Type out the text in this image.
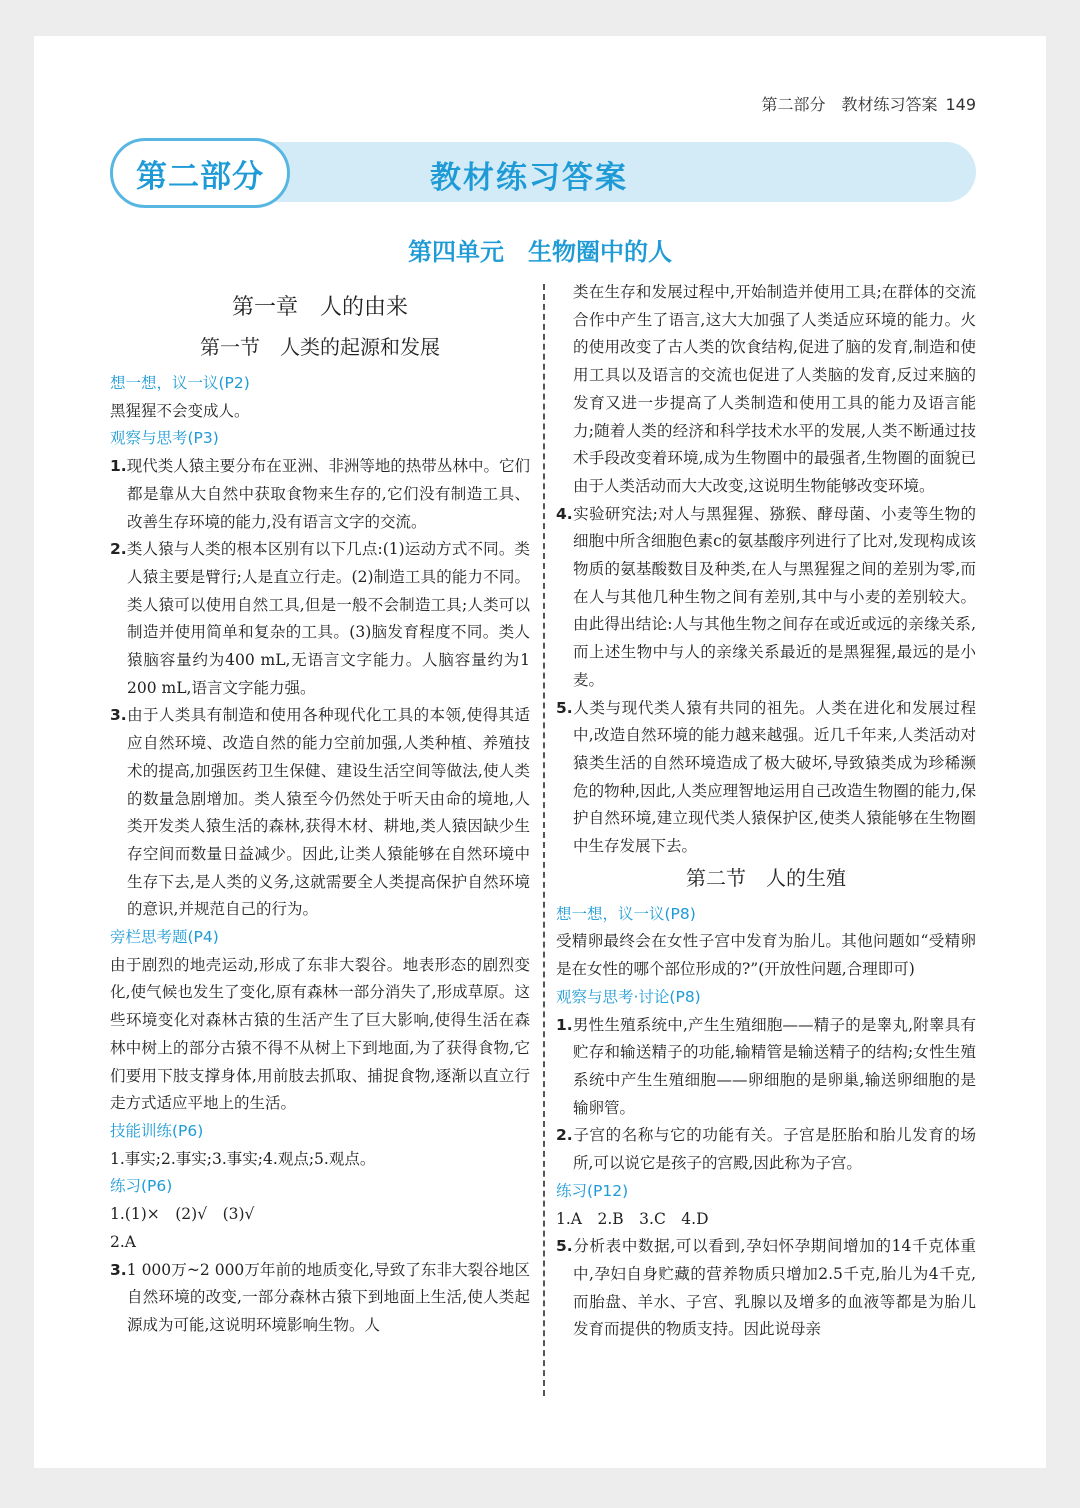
第二部分　教材练习答案 149
第二部分	教材练习答案
第四单元　生物圈中的人
第一章　人的由来
第一节　人类的起源和发展

想一想，议一议(P2)

黑猩猩不会变成人。

观察与思考(P3)

1.现代类人猿主要分布在亚洲、非洲等地的热带丛林中。它们都是靠从大自然中获取食物来生存的,它们没有制造工具、改善生存环境的能力,没有语言文字的交流。

2.类人猿与人类的根本区别有以下几点:(1)运动方式不同。类人猿主要是臂行;人是直立行走。(2)制造工具的能力不同。类人猿可以使用自然工具,但是一般不会制造工具;人类可以制造并使用简单和复杂的工具。(3)脑发育程度不同。类人猿脑容量约为400 mL,无语言文字能力。人脑容量约为1 200 mL,语言文字能力强。

3.由于人类具有制造和使用各种现代化工具的本领,使得其适应自然环境、改造自然的能力空前加强,人类种植、养殖技术的提高,加强医药卫生保健、建设生活空间等做法,使人类的数量急剧增加。类人猿至今仍然处于听天由命的境地,人类开发类人猿生活的森林,获得木材、耕地,类人猿因缺少生存空间而数量日益减少。因此,让类人猿能够在自然环境中生存下去,是人类的义务,这就需要全人类提高保护自然环境的意识,并规范自己的行为。

旁栏思考题(P4)

由于剧烈的地壳运动,形成了东非大裂谷。地表形态的剧烈变化,使气候也发生了变化,原有森林一部分消失了,形成草原。这些环境变化对森林古猿的生活产生了巨大影响,使得生活在森林中树上的部分古猿不得不从树上下到地面,为了获得食物,它们要用下肢支撑身体,用前肢去抓取、捕捉食物,逐渐以直立行走方式适应平地上的生活。

技能训练(P6)

1.事实;2.事实;3.事实;4.观点;5.观点。

练习(P6)

1.(1)×　(2)√　(3)√

2.A

3.1 000万~2 000万年前的地质变化,导致了东非大裂谷地区自然环境的改变,一部分森林古猿下到地面上生活,使人类起源成为可能,这说明环境影响生物。人

类在生存和发展过程中,开始制造并使用工具;在群体的交流合作中产生了语言,这大大加强了人类适应环境的能力。火的使用改变了古人类的饮食结构,促进了脑的发育,制造和使用工具以及语言的交流也促进了人类脑的发育,反过来脑的发育又进一步提高了人类制造和使用工具的能力及语言能力;随着人类的经济和科学技术水平的发展,人类不断通过技术手段改变着环境,成为生物圈中的最强者,生物圈的面貌已由于人类活动而大大改变,这说明生物能够改变环境。

4.实验研究法;对人与黑猩猩、猕猴、酵母菌、小麦等生物的细胞中所含细胞色素c的氨基酸序列进行了比对,发现构成该物质的氨基酸数目及种类,在人与黑猩猩之间的差别为零,而在人与其他几种生物之间有差别,其中与小麦的差别较大。由此得出结论:人与其他生物之间存在或近或远的亲缘关系,而上述生物中与人的亲缘关系最近的是黑猩猩,最远的是小麦。

5.人类与现代类人猿有共同的祖先。人类在进化和发展过程中,改造自然环境的能力越来越强。近几千年来,人类活动对猿类生活的自然环境造成了极大破坏,导致猿类成为珍稀濒危的物种,因此,人类应理智地运用自己改造生物圈的能力,保护自然环境,建立现代类人猿保护区,使类人猿能够在生物圈中生存发展下去。

第二节　人的生殖

想一想，议一议(P8)

受精卵最终会在女性子宫中发育为胎儿。其他问题如“受精卵是在女性的哪个部位形成的?”(开放性问题,合理即可)

观察与思考·讨论(P8)

1.男性生殖系统中,产生生殖细胞——精子的是睾丸,附睾具有贮存和输送精子的功能,输精管是输送精子的结构;女性生殖系统中产生生殖细胞——卵细胞的是卵巢,输送卵细胞的是输卵管。

2.子宫的名称与它的功能有关。子宫是胚胎和胎儿发育的场所,可以说它是孩子的宫殿,因此称为子宫。

练习(P12)

1.A　2.B　3.C　4.D

5.分析表中数据,可以看到,孕妇怀孕期间增加的14千克体重中,孕妇自身贮藏的营养物质只增加2.5千克,胎儿为4千克,而胎盘、羊水、子宫、乳腺以及增多的血液等都是为胎儿发育而提供的物质支持。因此说母亲
